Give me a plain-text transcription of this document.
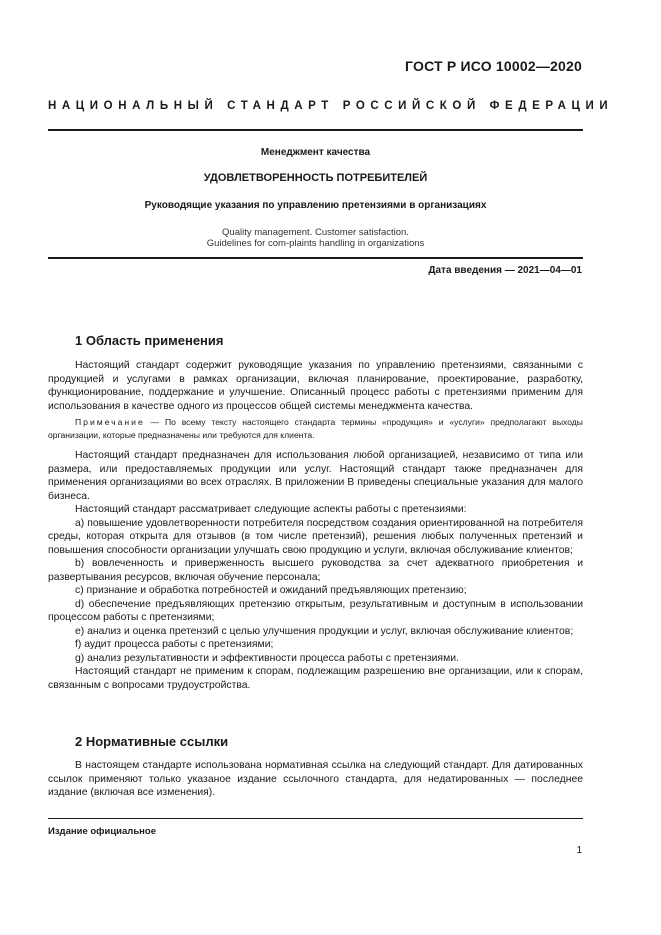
ГОСТ Р ИСО 10002—2020
НАЦИОНАЛЬНЫЙ СТАНДАРТ РОССИЙСКОЙ ФЕДЕРАЦИИ
Менеджмент качества
УДОВЛЕТВОРЕННОСТЬ ПОТРЕБИТЕЛЕЙ
Руководящие указания по управлению претензиями в организациях
Quality management. Customer satisfaction.
Guidelines for com-plaints handling in organizations
Дата введения — 2021—04—01
1 Область применения

Настоящий стандарт содержит руководящие указания по управлению претензиями, связанными с продукцией и услугами в рамках организации, включая планирование, проектирование, разработку, функционирование, поддержание и улучшение. Описанный процесс работы с претензиями применим для использования в качестве одного из процессов общей системы менеджмента качества.

Примечание — По всему тексту настоящего стандарта термины «продукция» и «услуги» предполагают выходы организации, которые предназначены или требуются для клиента.

Настоящий стандарт предназначен для использования любой организацией, независимо от типа или размера, или предоставляемых продукции или услуг. Настоящий стандарт также предназначен для применения организациями во всех отраслях. В приложении В приведены специальные указания для малого бизнеса.

Настоящий стандарт рассматривает следующие аспекты работы с претензиями:

a) повышение удовлетворенности потребителя посредством создания ориентированной на потребителя среды, которая открыта для отзывов (в том числе претензий), решения любых полученных претензий и повышения способности организации улучшать свою продукцию и услуги, включая обслуживание клиентов;

b) вовлеченность и приверженность высшего руководства за счет адекватного приобретения и развертывания ресурсов, включая обучение персонала;

c) признание и обработка потребностей и ожиданий предъявляющих претензию;

d) обеспечение предъявляющих претензию открытым, результативным и доступным в использовании процессом работы с претензиями;

e) анализ и оценка претензий с целью улучшения продукции и услуг, включая обслуживание клиентов;

f) аудит процесса работы с претензиями;

g) анализ результативности и эффективности процесса работы с претензиями.

Настоящий стандарт не применим к спорам, подлежащим разрешению вне организации, или к спорам, связанным с вопросами трудоустройства.

2 Нормативные ссылки

В настоящем стандарте использована нормативная ссылка на следующий стандарт. Для датированных ссылок применяют только указаное издание ссылочного стандарта, для недатированных — последнее издание (включая все изменения).

Издание официальное
1
